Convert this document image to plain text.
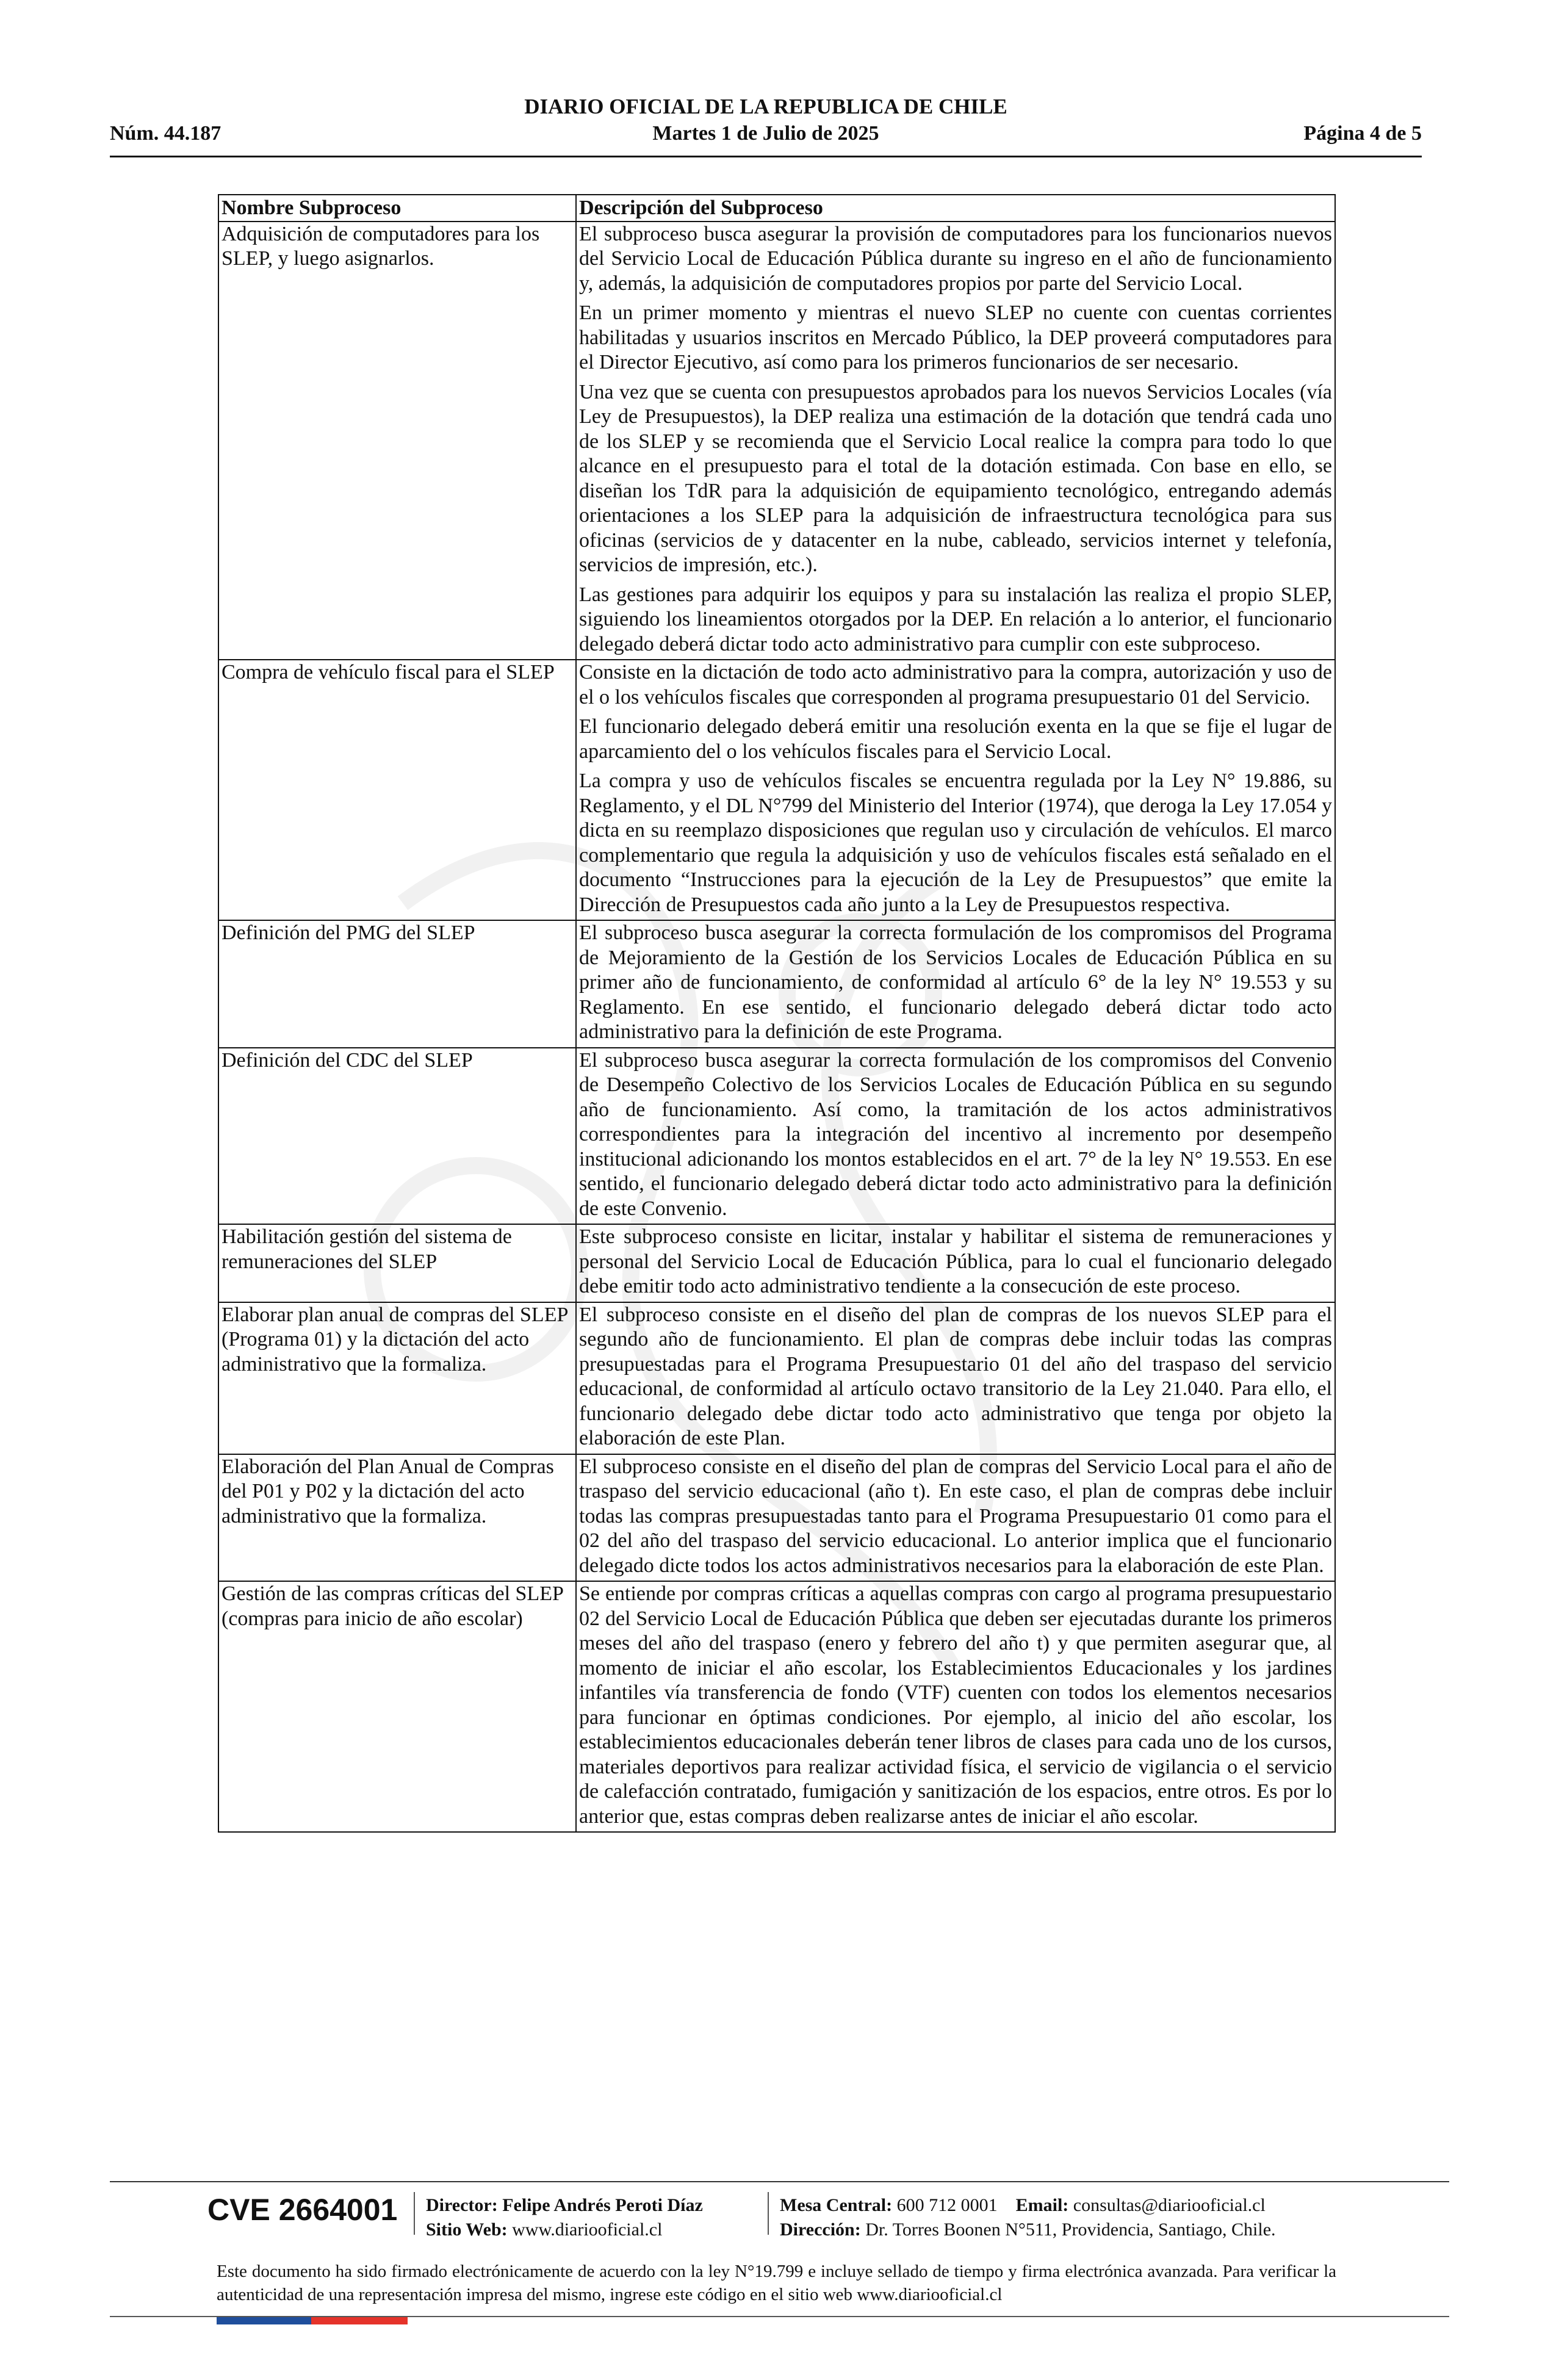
DIARIO OFICIAL DE LA REPUBLICA DE CHILE
Núm. 44.187	Martes 1 de Julio de 2025	Página 4 de 5
Nombre Subproceso	Descripción del Subproceso
Adquisición de computadores para los SLEP, y luego asignarlos.	El subproceso busca asegurar la provisión de computadores para los funcionarios nuevos del Servicio Local de Educación Pública durante su ingreso en el año de funcionamiento y, además, la adquisición de computadores propios por parte del Servicio Local.

En un primer momento y mientras el nuevo SLEP no cuente con cuentas corrientes habilitadas y usuarios inscritos en Mercado Público, la DEP proveerá computadores para el Director Ejecutivo, así como para los primeros funcionarios de ser necesario.

Una vez que se cuenta con presupuestos aprobados para los nuevos Servicios Locales (vía Ley de Presupuestos), la DEP realiza una estimación de la dotación que tendrá cada uno de los SLEP y se recomienda que el Servicio Local realice la compra para todo lo que alcance en el presupuesto para el total de la dotación estimada. Con base en ello, se diseñan los TdR para la adquisición de equipamiento tecnológico, entregando además orientaciones a los SLEP para la adquisición de infraestructura tecnológica para sus oficinas (servicios de y datacenter en la nube, cableado, servicios internet y telefonía, servicios de impresión, etc.).

Las gestiones para adquirir los equipos y para su instalación las realiza el propio SLEP, siguiendo los lineamientos otorgados por la DEP. En relación a lo anterior, el funcionario delegado deberá dictar todo acto administrativo para cumplir con este subproceso.

Compra de vehículo fiscal para el SLEP	Consiste en la dictación de todo acto administrativo para la compra, autorización y uso de el o los vehículos fiscales que corresponden al programa presupuestario 01 del Servicio.

El funcionario delegado deberá emitir una resolución exenta en la que se fije el lugar de aparcamiento del o los vehículos fiscales para el Servicio Local.

La compra y uso de vehículos fiscales se encuentra regulada por la Ley N° 19.886, su Reglamento, y el DL N°799 del Ministerio del Interior (1974), que deroga la Ley 17.054 y dicta en su reemplazo disposiciones que regulan uso y circulación de vehículos. El marco complementario que regula la adquisición y uso de vehículos fiscales está señalado en el documento “Instrucciones para la ejecución de la Ley de Presupuestos” que emite la Dirección de Presupuestos cada año junto a la Ley de Presupuestos respectiva.

Definición del PMG del SLEP	El subproceso busca asegurar la correcta formulación de los compromisos del Programa de Mejoramiento de la Gestión de los Servicios Locales de Educación Pública en su primer año de funcionamiento, de conformidad al artículo 6° de la ley N° 19.553 y su Reglamento. En ese sentido, el funcionario delegado deberá dictar todo acto administrativo para la definición de este Programa.

Definición del CDC del SLEP	El subproceso busca asegurar la correcta formulación de los compromisos del Convenio de Desempeño Colectivo de los Servicios Locales de Educación Pública en su segundo año de funcionamiento. Así como, la tramitación de los actos administrativos correspondientes para la integración del incentivo al incremento por desempeño institucional adicionando los montos establecidos en el art. 7° de la ley N° 19.553. En ese sentido, el funcionario delegado deberá dictar todo acto administrativo para la definición de este Convenio.

Habilitación gestión del sistema de remuneraciones del SLEP	Este subproceso consiste en licitar, instalar y habilitar el sistema de remuneraciones y personal del Servicio Local de Educación Pública, para lo cual el funcionario delegado debe emitir todo acto administrativo tendiente a la consecución de este proceso.

Elaborar plan anual de compras del SLEP (Programa 01) y la dictación del acto administrativo que la formaliza.	El subproceso consiste en el diseño del plan de compras de los nuevos SLEP para el segundo año de funcionamiento. El plan de compras debe incluir todas las compras presupuestadas para el Programa Presupuestario 01 del año del traspaso del servicio educacional, de conformidad al artículo octavo transitorio de la Ley 21.040. Para ello, el funcionario delegado debe dictar todo acto administrativo que tenga por objeto la elaboración de este Plan.

Elaboración del Plan Anual de Compras del P01 y P02 y la dictación del acto administrativo que la formaliza.	El subproceso consiste en el diseño del plan de compras del Servicio Local para el año de traspaso del servicio educacional (año t). En este caso, el plan de compras debe incluir todas las compras presupuestadas tanto para el Programa Presupuestario 01 como para el 02 del año del traspaso del servicio educacional. Lo anterior implica que el funcionario delegado dicte todos los actos administrativos necesarios para la elaboración de este Plan.

Gestión de las compras críticas del SLEP (compras para inicio de año escolar)	Se entiende por compras críticas a aquellas compras con cargo al programa presupuestario 02 del Servicio Local de Educación Pública que deben ser ejecutadas durante los primeros meses del año del traspaso (enero y febrero del año t) y que permiten asegurar que, al momento de iniciar el año escolar, los Establecimientos Educacionales y los jardines infantiles vía transferencia de fondo (VTF) cuenten con todos los elementos necesarios para funcionar en óptimas condiciones. Por ejemplo, al inicio del año escolar, los establecimientos educacionales deberán tener libros de clases para cada uno de los cursos, materiales deportivos para realizar actividad física, el servicio de vigilancia o el servicio de calefacción contratado, fumigación y sanitización de los espacios, entre otros. Es por lo anterior que, estas compras deben realizarse antes de iniciar el año escolar.

CVE 2664001 Director: Felipe Andrés Peroti Díaz
Sitio Web: www.diariooficial.cl
Mesa Central: 600 712 0001 Email: consultas@diariooficial.cl
Dirección: Dr. Torres Boonen N°511, Providencia, Santiago, Chile.
Este documento ha sido firmado electrónicamente de acuerdo con la ley N°19.799 e incluye sellado de tiempo y firma electrónica avanzada. Para verificar la autenticidad de una representación impresa del mismo, ingrese este código en el sitio web www.diariooficial.cl
